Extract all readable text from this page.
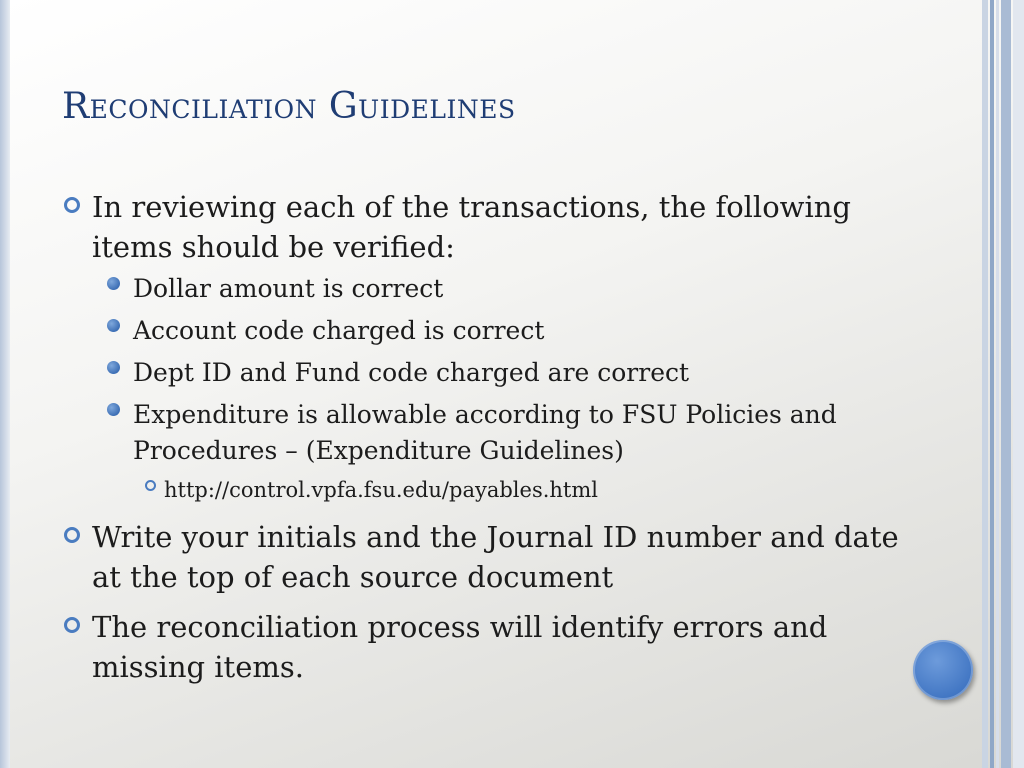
Reconciliation Guidelines
In reviewing each of the transactions, the following items should be verified:
Dollar amount is correct
Account code charged is correct
Dept ID and Fund code charged are correct
Expenditure is allowable according to FSU Policies and Procedures – (Expenditure Guidelines)
http://control.vpfa.fsu.edu/payables.html
Write your initials and the Journal ID number and date at the top of each source document
The reconciliation process will identify errors and missing items.
